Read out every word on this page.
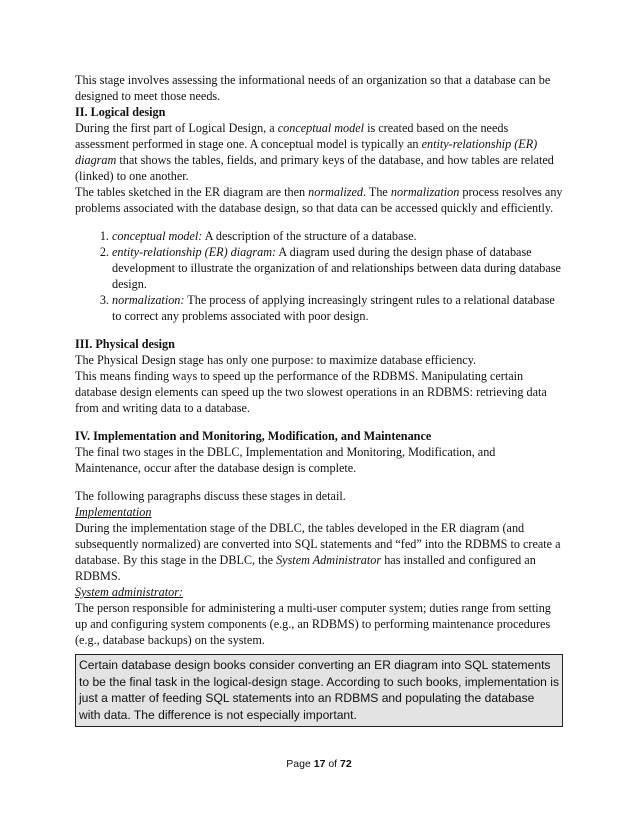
This stage involves assessing the informational needs of an organization so that a database can be designed to meet those needs.

II. Logical design

During the first part of Logical Design, a conceptual model is created based on the needs assessment performed in stage one. A conceptual model is typically an entity-relationship (ER) diagram that shows the tables, fields, and primary keys of the database, and how tables are related (linked) to one another.

The tables sketched in the ER diagram are then normalized. The normalization process resolves any problems associated with the database design, so that data can be accessed quickly and efficiently.

1. conceptual model: A description of the structure of a database.
2. entity-relationship (ER) diagram: A diagram used during the design phase of database development to illustrate the organization of and relationships between data during database design.
3. normalization: The process of applying increasingly stringent rules to a relational database to correct any problems associated with poor design.

III. Physical design

The Physical Design stage has only one purpose: to maximize database efficiency.

This means finding ways to speed up the performance of the RDBMS. Manipulating certain database design elements can speed up the two slowest operations in an RDBMS: retrieving data from and writing data to a database.

IV. Implementation and Monitoring, Modification, and Maintenance

The final two stages in the DBLC, Implementation and Monitoring, Modification, and Maintenance, occur after the database design is complete.

The following paragraphs discuss these stages in detail.

Implementation

During the implementation stage of the DBLC, the tables developed in the ER diagram (and subsequently normalized) are converted into SQL statements and “fed” into the RDBMS to create a database. By this stage in the DBLC, the System Administrator has installed and configured an RDBMS.

System administrator:

The person responsible for administering a multi-user computer system; duties range from setting up and configuring system components (e.g., an RDBMS) to performing maintenance procedures (e.g., database backups) on the system.

Certain database design books consider converting an ER diagram into SQL statements to be the final task in the logical-design stage. According to such books, implementation is just a matter of feeding SQL statements into an RDBMS and populating the database with data. The difference is not especially important.
Page 17 of 72
